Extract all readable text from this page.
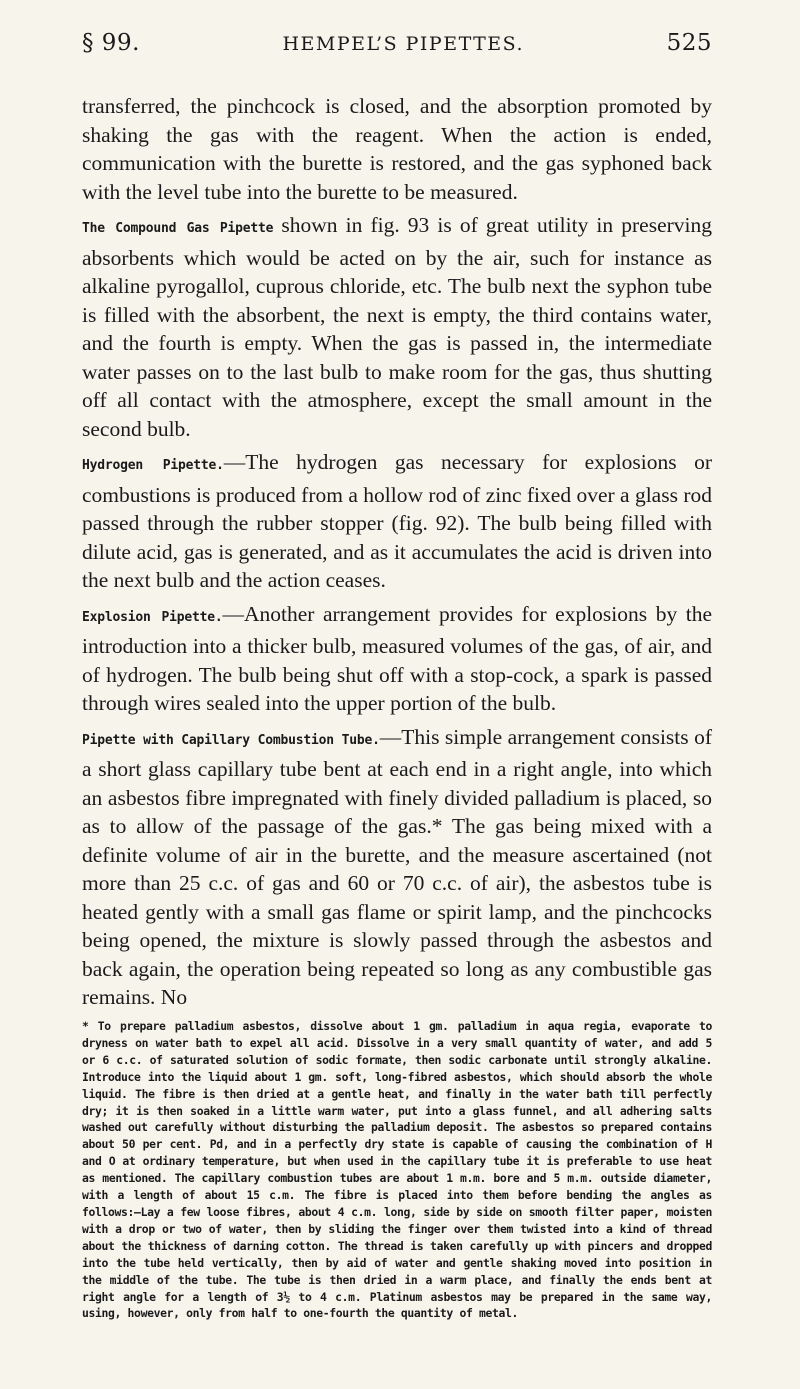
§ 99.	HEMPEL’S PIPETTES.	525

transferred, the pinchcock is closed, and the absorption promoted by shaking the gas with the reagent. When the action is ended, communication with the burette is restored, and the gas syphoned back with the level tube into the burette to be measured.

The Compound Gas Pipette shown in fig. 93 is of great utility in preserving absorbents which would be acted on by the air, such for instance as alkaline pyrogallol, cuprous chloride, etc. The bulb next the syphon tube is filled with the absorbent, the next is empty, the third contains water, and the fourth is empty. When the gas is passed in, the intermediate water passes on to the last bulb to make room for the gas, thus shutting off all contact with the atmosphere, except the small amount in the second bulb.

Hydrogen Pipette.—The hydrogen gas necessary for explosions or combustions is produced from a hollow rod of zinc fixed over a glass rod passed through the rubber stopper (fig. 92). The bulb being filled with dilute acid, gas is generated, and as it accumulates the acid is driven into the next bulb and the action ceases.

Explosion Pipette.—Another arrangement provides for explosions by the introduction into a thicker bulb, measured volumes of the gas, of air, and of hydrogen. The bulb being shut off with a stop-cock, a spark is passed through wires sealed into the upper portion of the bulb.

Pipette with Capillary Combustion Tube.—This simple arrangement consists of a short glass capillary tube bent at each end in a right angle, into which an asbestos fibre impregnated with finely divided palladium is placed, so as to allow of the passage of the gas.* The gas being mixed with a definite volume of air in the burette, and the measure ascertained (not more than 25 c.c. of gas and 60 or 70 c.c. of air), the asbestos tube is heated gently with a small gas flame or spirit lamp, and the pinchcocks being opened, the mixture is slowly passed through the asbestos and back again, the operation being repeated so long as any combustible gas remains. No

* To prepare palladium asbestos, dissolve about 1 gm. palladium in aqua regia, evaporate to dryness on water bath to expel all acid. Dissolve in a very small quantity of water, and add 5 or 6 c.c. of saturated solution of sodic formate, then sodic carbonate until strongly alkaline. Introduce into the liquid about 1 gm. soft, long-fibred asbestos, which should absorb the whole liquid. The fibre is then dried at a gentle heat, and finally in the water bath till perfectly dry; it is then soaked in a little warm water, put into a glass funnel, and all adhering salts washed out carefully without disturbing the palladium deposit. The asbestos so prepared contains about 50 per cent. Pd, and in a perfectly dry state is capable of causing the combination of H and O at ordinary temperature, but when used in the capillary tube it is preferable to use heat as mentioned. The capillary combustion tubes are about 1 m.m. bore and 5 m.m. outside diameter, with a length of about 15 c.m. The fibre is placed into them before bending the angles as follows:—Lay a few loose fibres, about 4 c.m. long, side by side on smooth filter paper, moisten with a drop or two of water, then by sliding the finger over them twisted into a kind of thread about the thickness of darning cotton. The thread is taken carefully up with pincers and dropped into the tube held vertically, then by aid of water and gentle shaking moved into position in the middle of the tube. The tube is then dried in a warm place, and finally the ends bent at right angle for a length of 3½ to 4 c.m. Platinum asbestos may be prepared in the same way, using, however, only from half to one-fourth the quantity of metal.
